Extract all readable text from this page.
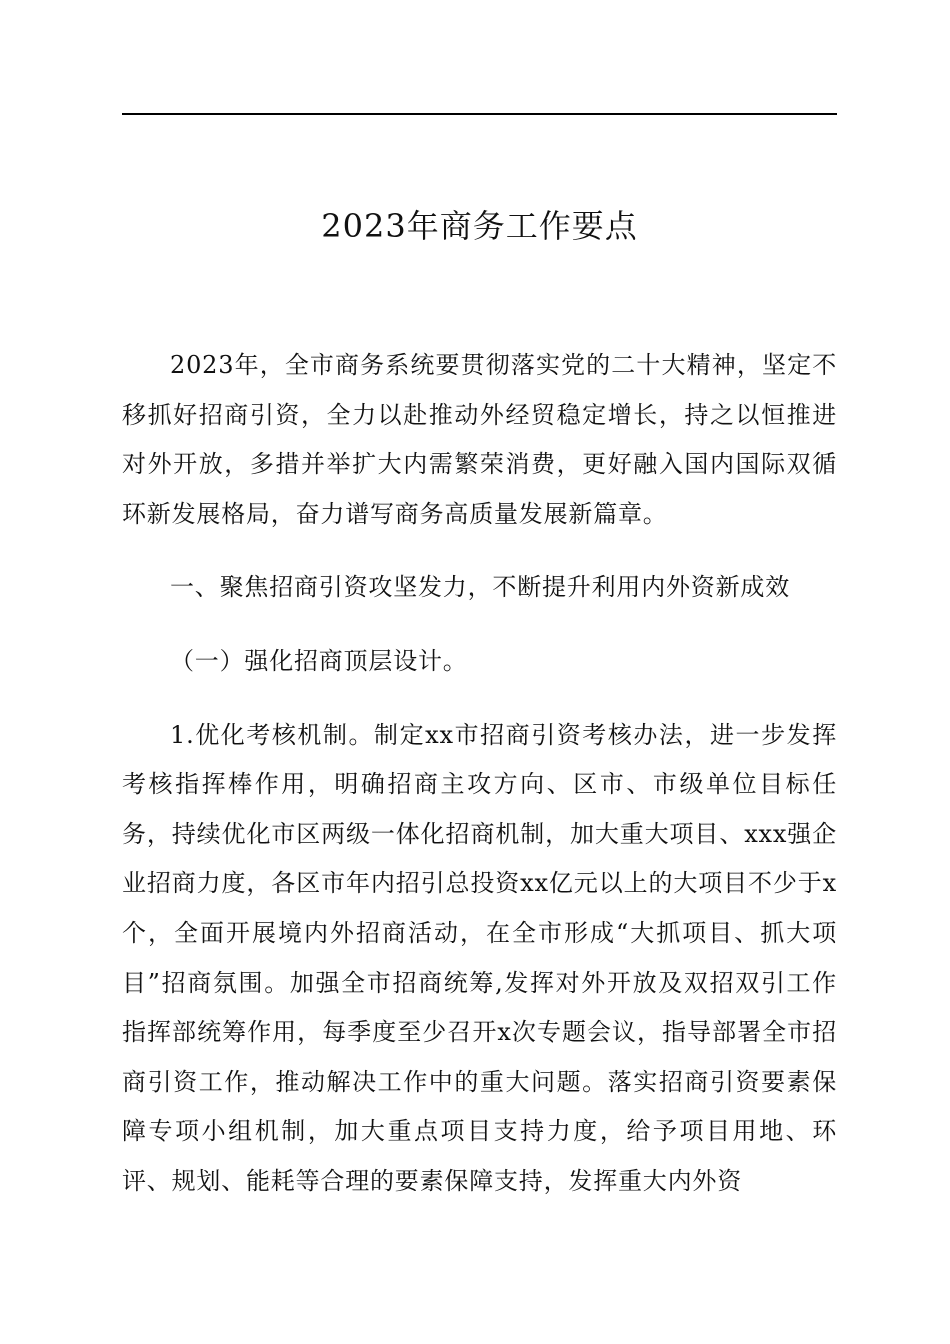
2023年商务工作要点

2023年，全市商务系统要贯彻落实党的二十大精神，坚定不移抓好招商引资，全力以赴推动外经贸稳定增长，持之以恒推进对外开放，多措并举扩大内需繁荣消费，更好融入国内国际双循环新发展格局，奋力谱写商务高质量发展新篇章。

一、聚焦招商引资攻坚发力，不断提升利用内外资新成效

（一）强化招商顶层设计。

1.优化考核机制。制定xx市招商引资考核办法，进一步发挥考核指挥棒作用，明确招商主攻方向、区市、市级单位目标任务，持续优化市区两级一体化招商机制，加大重大项目、xxx强企业招商力度，各区市年内招引总投资xx亿元以上的大项目不少于x个，全面开展境内外招商活动，在全市形成“大抓项目、抓大项目”招商氛围。加强全市招商统筹,发挥对外开放及双招双引工作指挥部统筹作用，每季度至少召开x次专题会议，指导部署全市招商引资工作，推动解决工作中的重大问题。落实招商引资要素保障专项小组机制，加大重点项目支持力度，给予项目用地、环评、规划、能耗等合理的要素保障支持，发挥重大内外资
